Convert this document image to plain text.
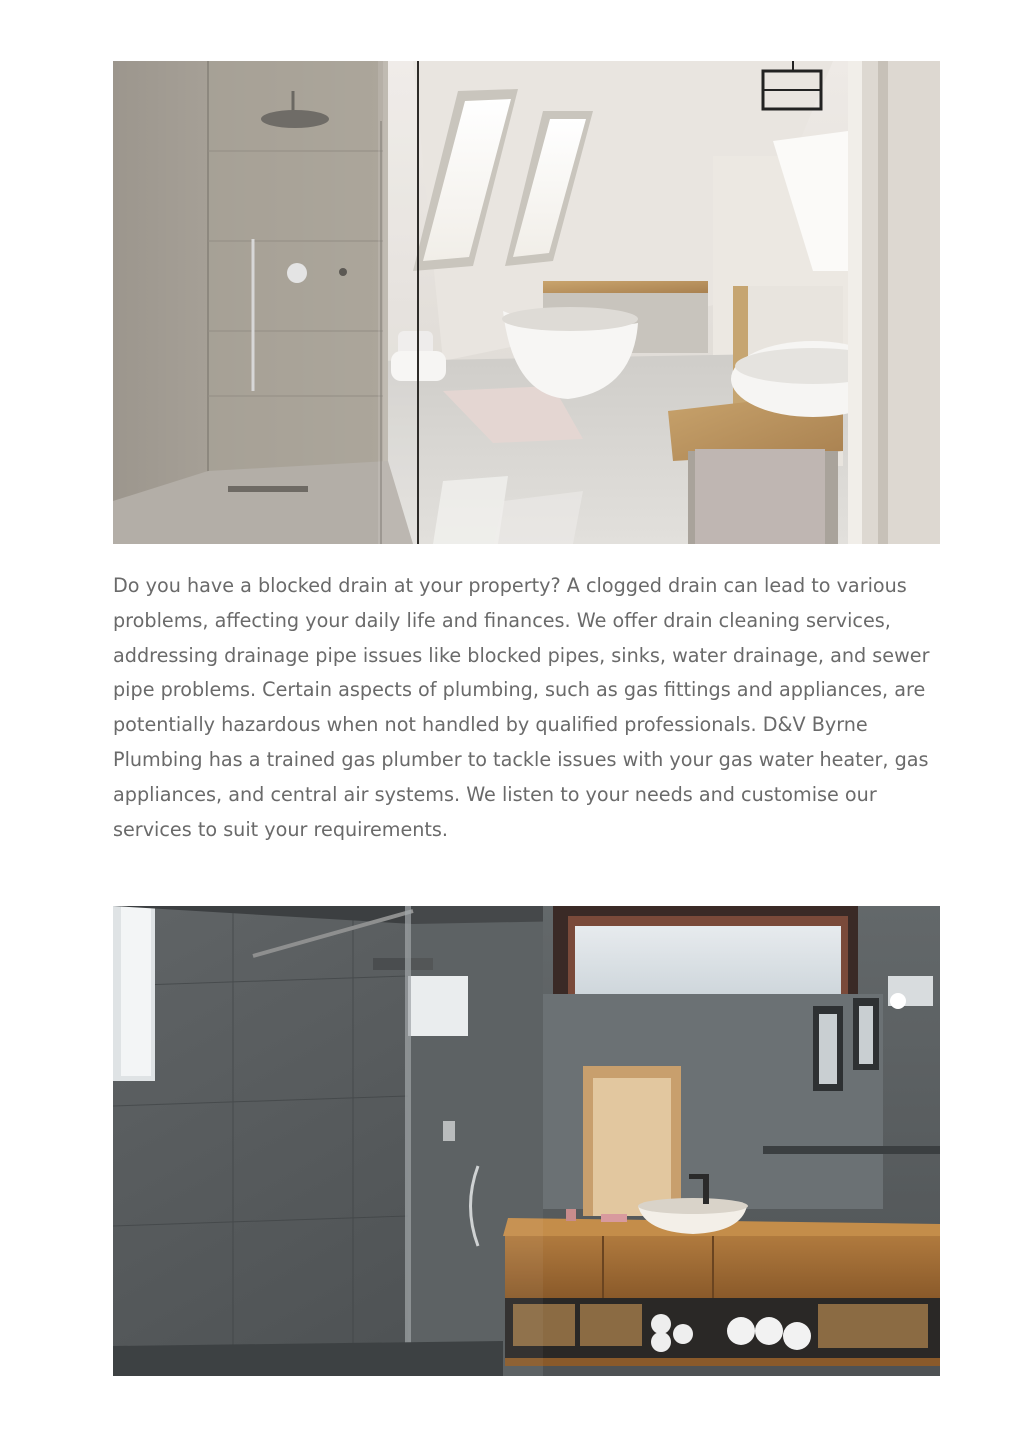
Do you have a blocked drain at your property? A clogged drain can lead to various problems, affecting your daily life and finances. We offer drain cleaning services, addressing drainage pipe issues like blocked pipes, sinks, water drainage, and sewer pipe problems. Certain aspects of plumbing, such as gas fittings and appliances, are potentially hazardous when not handled by qualified professionals. D&V Byrne Plumbing has a trained gas plumber to tackle issues with your gas water heater, gas appliances, and central air systems. We listen to your needs and customise our services to suit your requirements.
